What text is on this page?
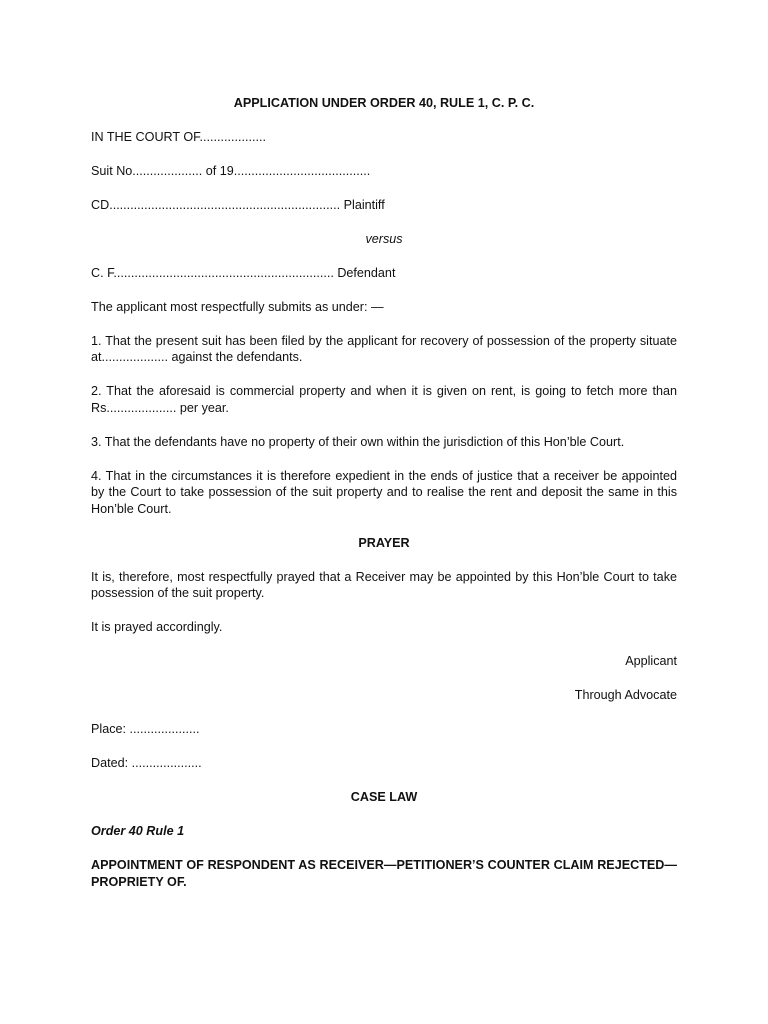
APPLICATION UNDER ORDER 40, RULE 1, C. P. C.

IN THE COURT OF...................

Suit No.................... of 19.......................................

CD.................................................................. Plaintiff

versus

C. F............................................................... Defendant

The applicant most respectfully submits as under: —

1. That the present suit has been filed by the applicant for recovery of possession of the property situate at................... against the defendants.

2. That the aforesaid is commercial property and when it is given on rent, is going to fetch more than Rs.................... per year.

3. That the defendants have no property of their own within the jurisdiction of this Hon’ble Court.

4. That in the circumstances it is therefore expedient in the ends of justice that a receiver be appointed by the Court to take possession of the suit property and to realise the rent and deposit the same in this Hon’ble Court.

PRAYER

It is, therefore, most respectfully prayed that a Receiver may be appointed by this Hon’ble Court to take possession of the suit property.

It is prayed accordingly.

Applicant

Through Advocate

Place: ....................

Dated: ....................

CASE LAW

Order 40 Rule 1

APPOINTMENT OF RESPONDENT AS RECEIVER—PETITIONER’S COUNTER CLAIM REJECTED—PROPRIETY OF.
